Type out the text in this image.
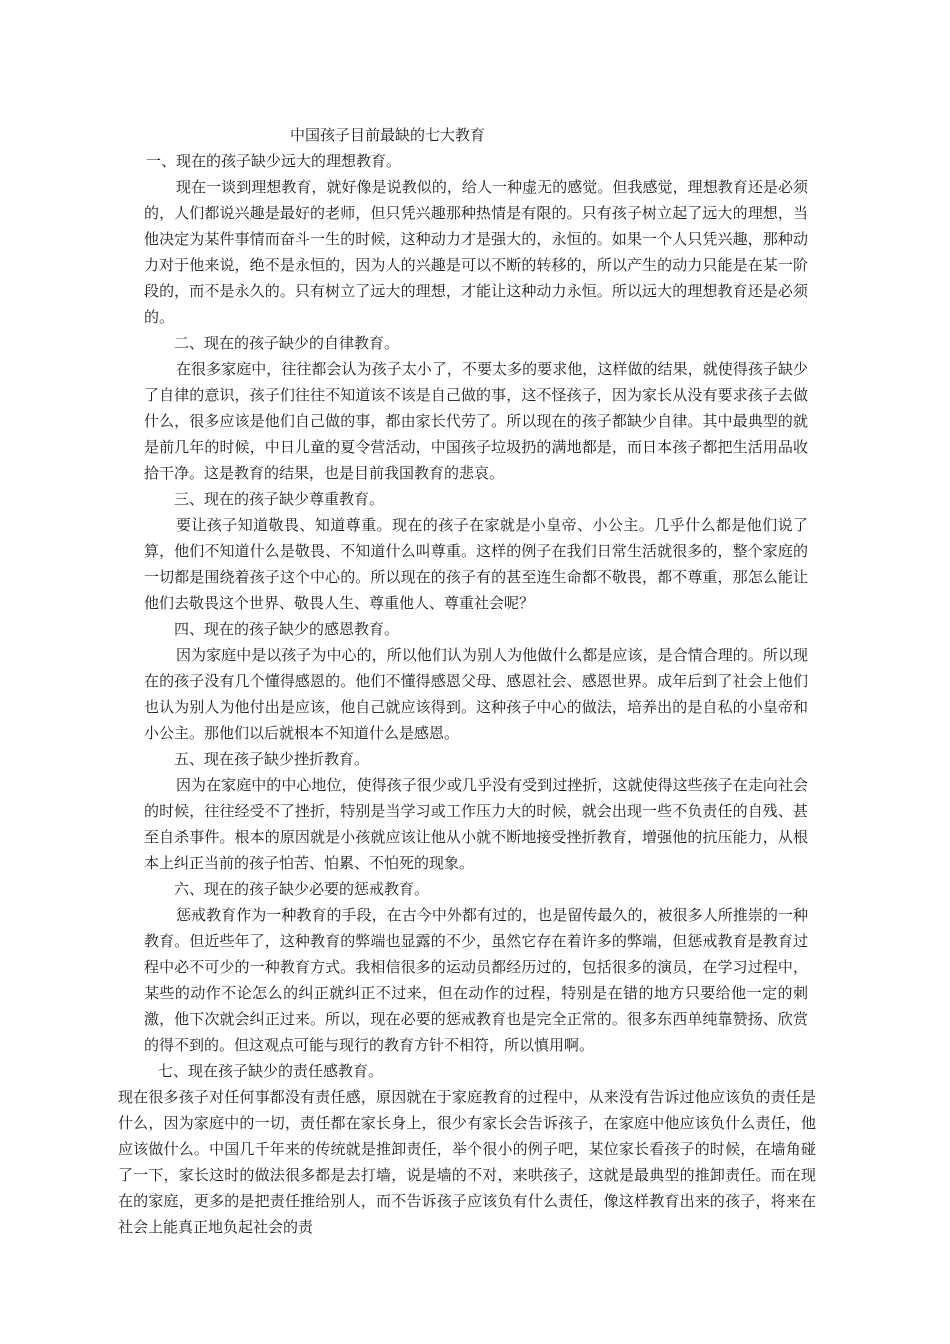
中国孩子目前最缺的七大教育
一、现在的孩子缺少远大的理想教育。

现在一谈到理想教育，就好像是说教似的，给人一种虚无的感觉。但我感觉，理想教育还是必须的，人们都说兴趣是最好的老师，但只凭兴趣那种热情是有限的。只有孩子树立起了远大的理想，当他决定为某件事情而奋斗一生的时候，这种动力才是强大的，永恒的。如果一个人只凭兴趣，那种动力对于他来说，绝不是永恒的，因为人的兴趣是可以不断的转移的，所以产生的动力只能是在某一阶段的，而不是永久的。只有树立了远大的理想，才能让这种动力永恒。所以远大的理想教育还是必须的。

二、现在的孩子缺少的自律教育。

在很多家庭中，往往都会认为孩子太小了，不要太多的要求他，这样做的结果，就使得孩子缺少了自律的意识，孩子们往往不知道该不该是自己做的事，这不怪孩子，因为家长从没有要求孩子去做什么，很多应该是他们自己做的事，都由家长代劳了。所以现在的孩子都缺少自律。其中最典型的就是前几年的时候，中日儿童的夏令营活动，中国孩子垃圾扔的满地都是，而日本孩子都把生活用品收拾干净。这是教育的结果，也是目前我国教育的悲哀。

三、现在的孩子缺少尊重教育。

要让孩子知道敬畏、知道尊重。现在的孩子在家就是小皇帝、小公主。几乎什么都是他们说了算，他们不知道什么是敬畏、不知道什么叫尊重。这样的例子在我们日常生活就很多的，整个家庭的一切都是围绕着孩子这个中心的。所以现在的孩子有的甚至连生命都不敬畏，都不尊重，那怎么能让他们去敬畏这个世界、敬畏人生、尊重他人、尊重社会呢？

四、现在的孩子缺少的感恩教育。

因为家庭中是以孩子为中心的，所以他们认为别人为他做什么都是应该，是合情合理的。所以现在的孩子没有几个懂得感恩的。他们不懂得感恩父母、感恩社会、感恩世界。成年后到了社会上他们也认为别人为他付出是应该，他自己就应该得到。这种孩子中心的做法，培养出的是自私的小皇帝和小公主。那他们以后就根本不知道什么是感恩。

五、现在孩子缺少挫折教育。

因为在家庭中的中心地位，使得孩子很少或几乎没有受到过挫折，这就使得这些孩子在走向社会的时候，往往经受不了挫折，特别是当学习或工作压力大的时候，就会出现一些不负责任的自残、甚至自杀事件。根本的原因就是小孩就应该让他从小就不断地接受挫折教育，增强他的抗压能力，从根本上纠正当前的孩子怕苦、怕累、不怕死的现象。

六、现在的孩子缺少必要的惩戒教育。

惩戒教育作为一种教育的手段，在古今中外都有过的，也是留传最久的，被很多人所推崇的一种教育。但近些年了，这种教育的弊端也显露的不少，虽然它存在着许多的弊端，但惩戒教育是教育过程中必不可少的一种教育方式。我相信很多的运动员都经历过的，包括很多的演员，在学习过程中，某些的动作不论怎么的纠正就纠正不过来，但在动作的过程，特别是在错的地方只要给他一定的刺激，他下次就会纠正过来。所以，现在必要的惩戒教育也是完全正常的。很多东西单纯靠赞扬、欣赏的得不到的。但这观点可能与现行的教育方针不相符，所以慎用啊。

七、现在孩子缺少的责任感教育。

现在很多孩子对任何事都没有责任感，原因就在于家庭教育的过程中，从来没有告诉过他应该负的责任是什么，因为家庭中的一切，责任都在家长身上，很少有家长会告诉孩子，在家庭中他应该负什么责任，他应该做什么。中国几千年来的传统就是推卸责任，举个很小的例子吧，某位家长看孩子的时候，在墙角碰了一下，家长这时的做法很多都是去打墙，说是墙的不对，来哄孩子，这就是最典型的推卸责任。而在现在的家庭，更多的是把责任推给别人，而不告诉孩子应该负有什么责任，像这样教育出来的孩子，将来在社会上能真正地负起社会的责
